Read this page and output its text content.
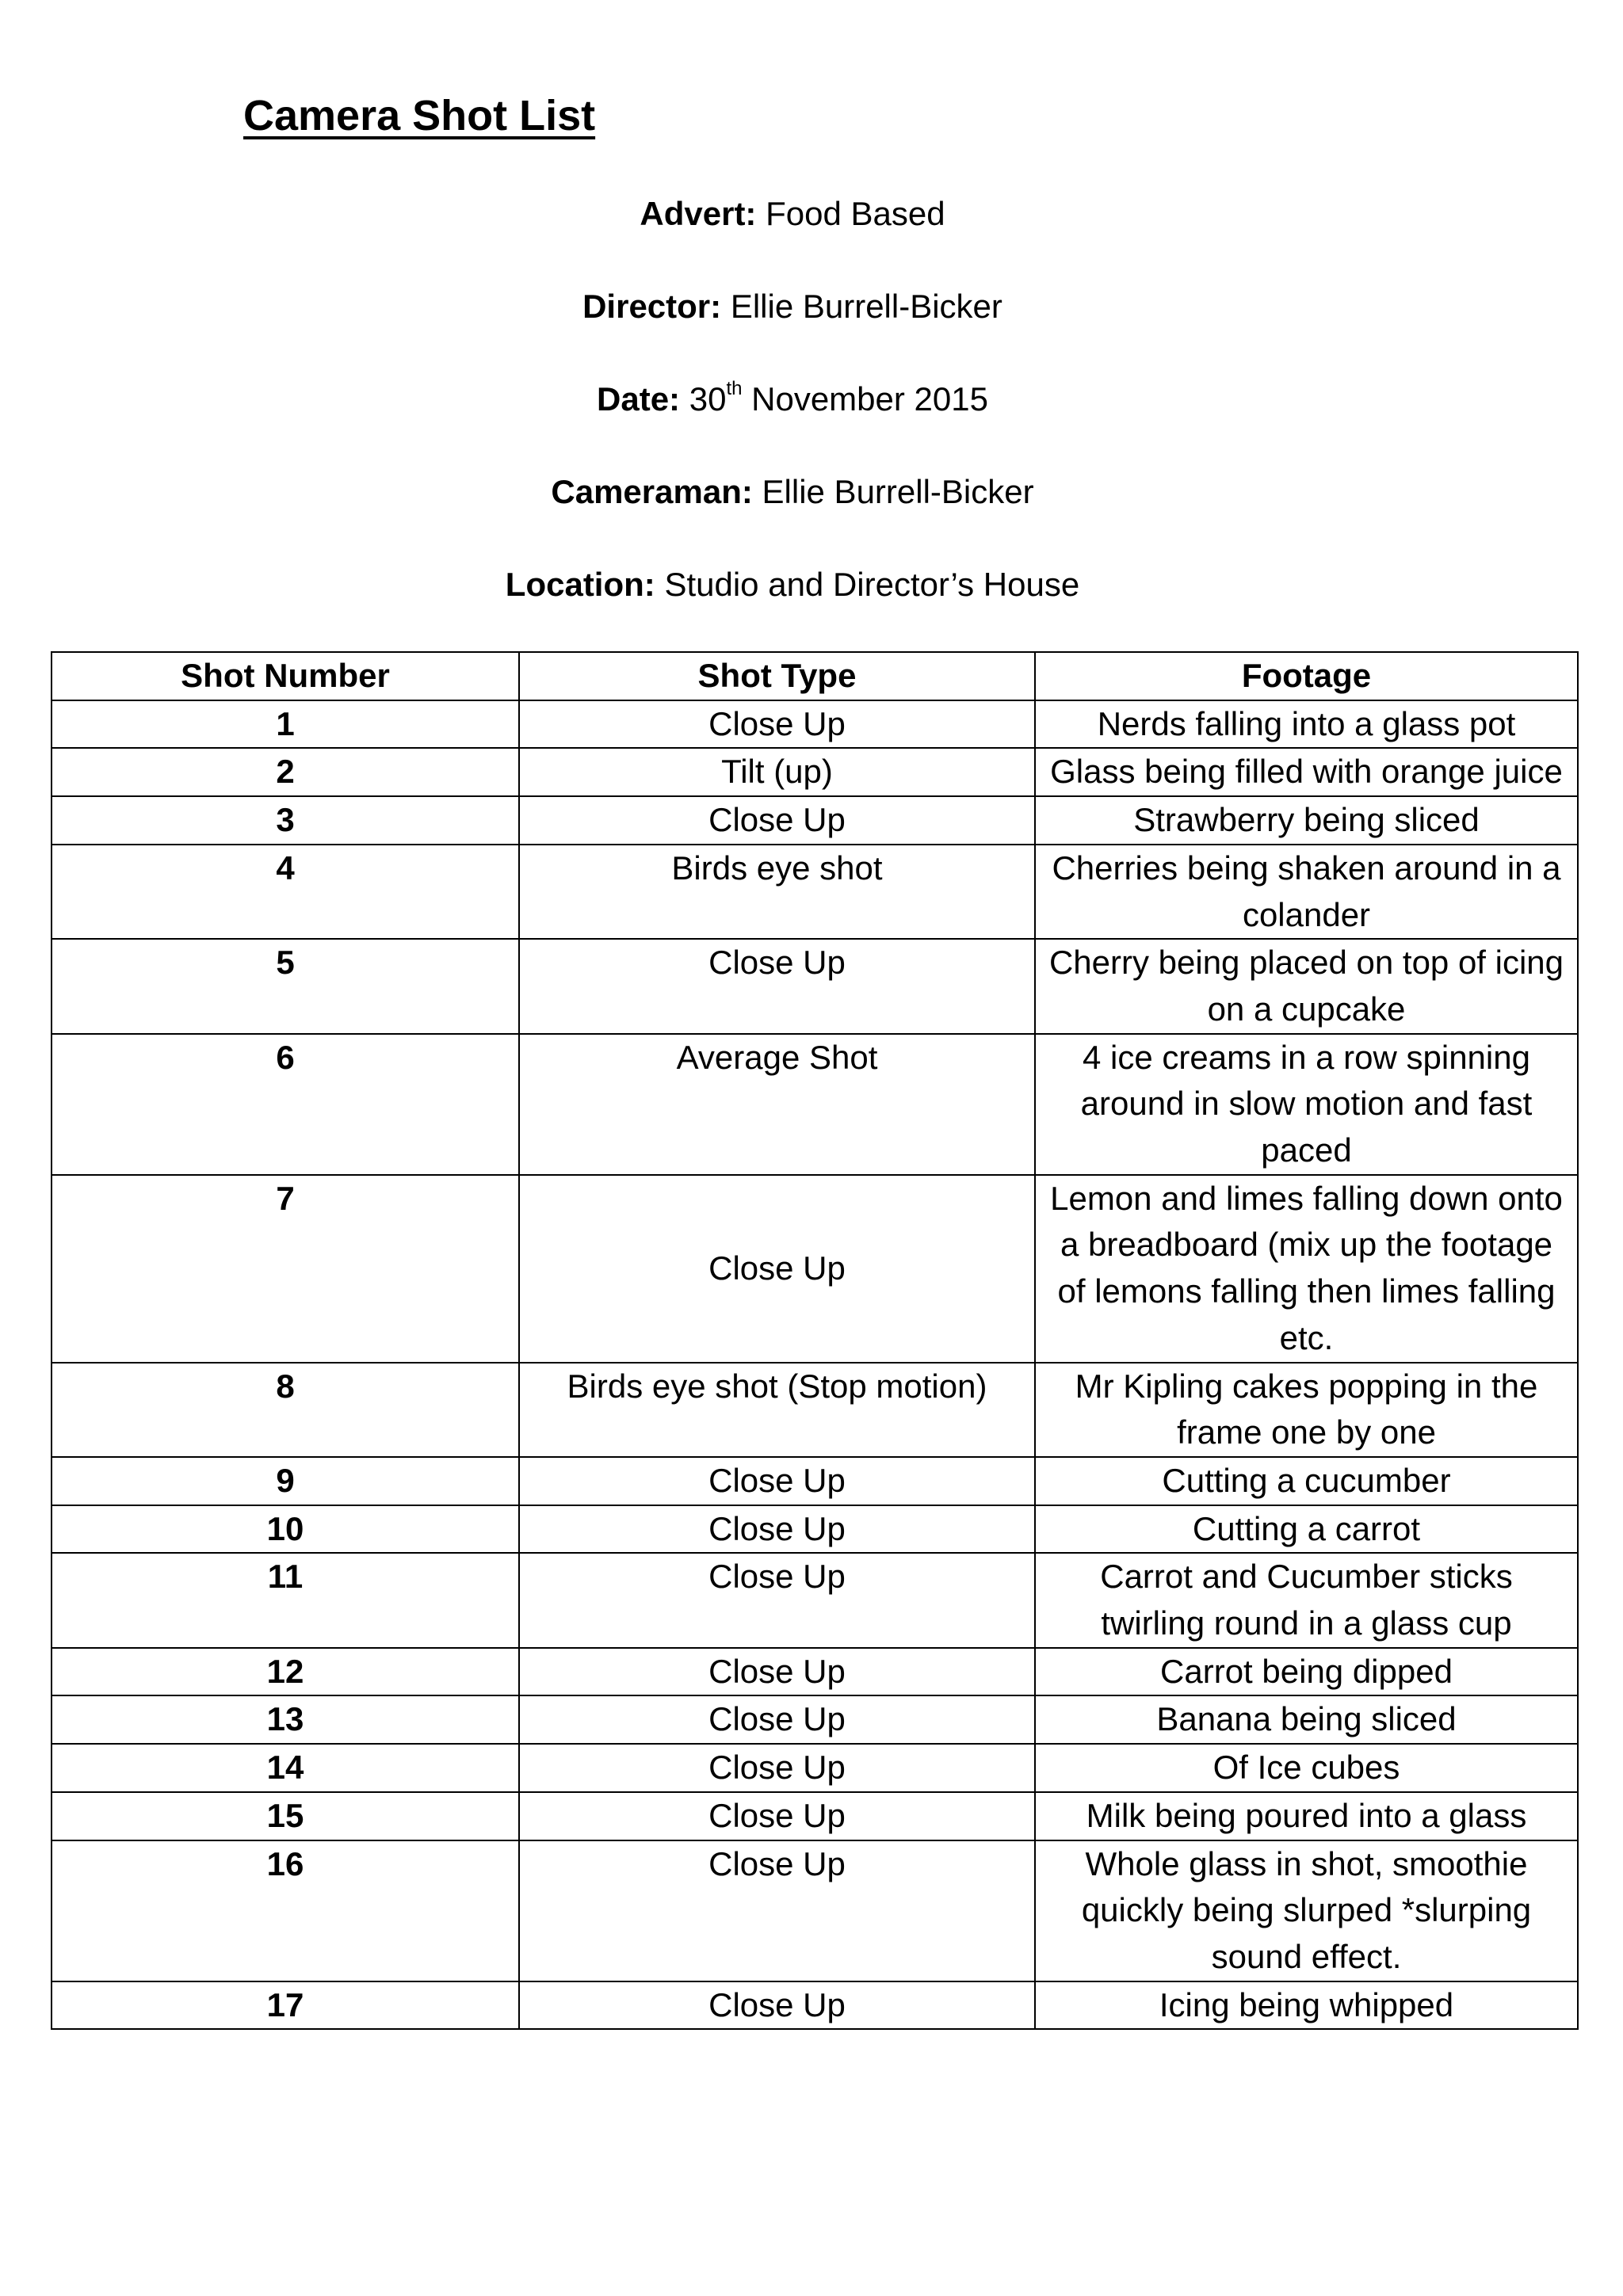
Camera Shot List

Advert: Food Based

Director: Ellie Burrell-Bicker

Date: 30th November 2015

Cameraman: Ellie Burrell-Bicker

Location: Studio and Director’s House

Shot Number	Shot Type	Footage
1	Close Up	Nerds falling into a glass pot
2	Tilt (up)	Glass being filled with orange juice
3	Close Up	Strawberry being sliced
4	Birds eye shot	Cherries being shaken around in a colander
5	Close Up	Cherry being placed on top of icing on a cupcake
6	Average Shot	4 ice creams in a row spinning around in slow motion and fast paced
7	Close Up	Lemon and limes falling down onto a breadboard (mix up the footage of lemons falling then limes falling etc.
8	Birds eye shot (Stop motion)	Mr Kipling cakes popping in the frame one by one
9	Close Up	Cutting a cucumber
10	Close Up	Cutting a carrot
11	Close Up	Carrot and Cucumber sticks twirling round in a glass cup
12	Close Up	Carrot being dipped
13	Close Up	Banana being sliced
14	Close Up	Of Ice cubes
15	Close Up	Milk being poured into a glass
16	Close Up	Whole glass in shot, smoothie quickly being slurped *slurping sound effect.
17	Close Up	Icing being whipped
